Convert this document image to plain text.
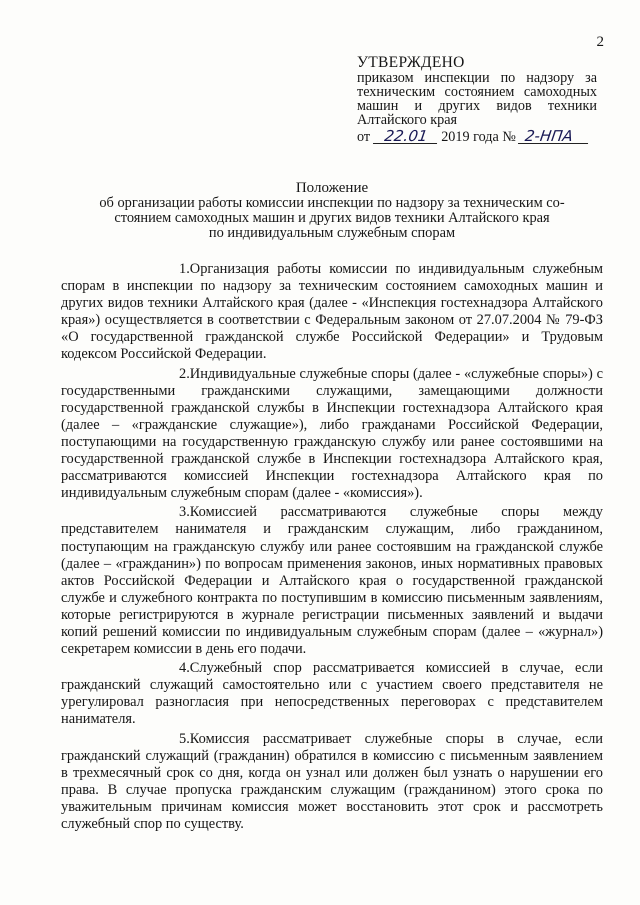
2
УТВЕРЖДЕНО
приказом инспекции по надзору за техническим состоянием самоходных машин и других видов техники Алтайского края
от 22.01 2019 года № 2-НПА
Положение
об организации работы комиссии инспекции по надзору за техническим со-
стоянием самоходных машин и других видов техники Алтайского края
по индивидуальным служебным спорам

1.Организация работы комиссии по индивидуальным служебным спорам в инспекции по надзору за техническим состоянием самоходных машин и других видов техники Алтайского края (далее - «Инспекция гостехнадзора Алтайского края») осуществляется в соответствии с Федеральным законом от 27.07.2004 № 79-ФЗ «О государственной гражданской службе Российской Федерации» и Трудовым кодексом Российской Федерации.

2.Индивидуальные служебные споры (далее - «служебные споры») с государственными гражданскими служащими, замещающими должности государственной гражданской службы в Инспекции гостехнадзора Алтайского края (далее – «гражданские служащие»), либо гражданами Российской Федерации, поступающими на государственную гражданскую службу или ранее состоявшими на государственной гражданской службе в Инспекции гостехнадзора Алтайского края, рассматриваются комиссией Инспекции гостехнадзора Алтайского края по индивидуальным служебным спорам (далее - «комиссия»).

3.Комиссией рассматриваются служебные споры между представителем нанимателя и гражданским служащим, либо гражданином, поступающим на гражданскую службу или ранее состоявшим на гражданской службе (далее – «гражданин») по вопросам применения законов, иных нормативных правовых актов Российской Федерации и Алтайского края о государственной гражданской службе и служебного контракта по поступившим в комиссию письменным заявлениям, которые регистрируются в журнале регистрации письменных заявлений и выдачи копий решений комиссии по индивидуальным служебным спорам (далее – «журнал») секретарем комиссии в день его подачи.

4.Служебный спор рассматривается комиссией в случае, если гражданский служащий самостоятельно или с участием своего представителя не урегулировал разногласия при непосредственных переговорах с представителем нанимателя.

5.Комиссия рассматривает служебные споры в случае, если гражданский служащий (гражданин) обратился в комиссию с письменным заявлением в трехмесячный срок со дня, когда он узнал или должен был узнать о нарушении его права. В случае пропуска гражданским служащим (гражданином) этого срока по уважительным причинам комиссия может восстановить этот срок и рассмотреть служебный спор по существу.
